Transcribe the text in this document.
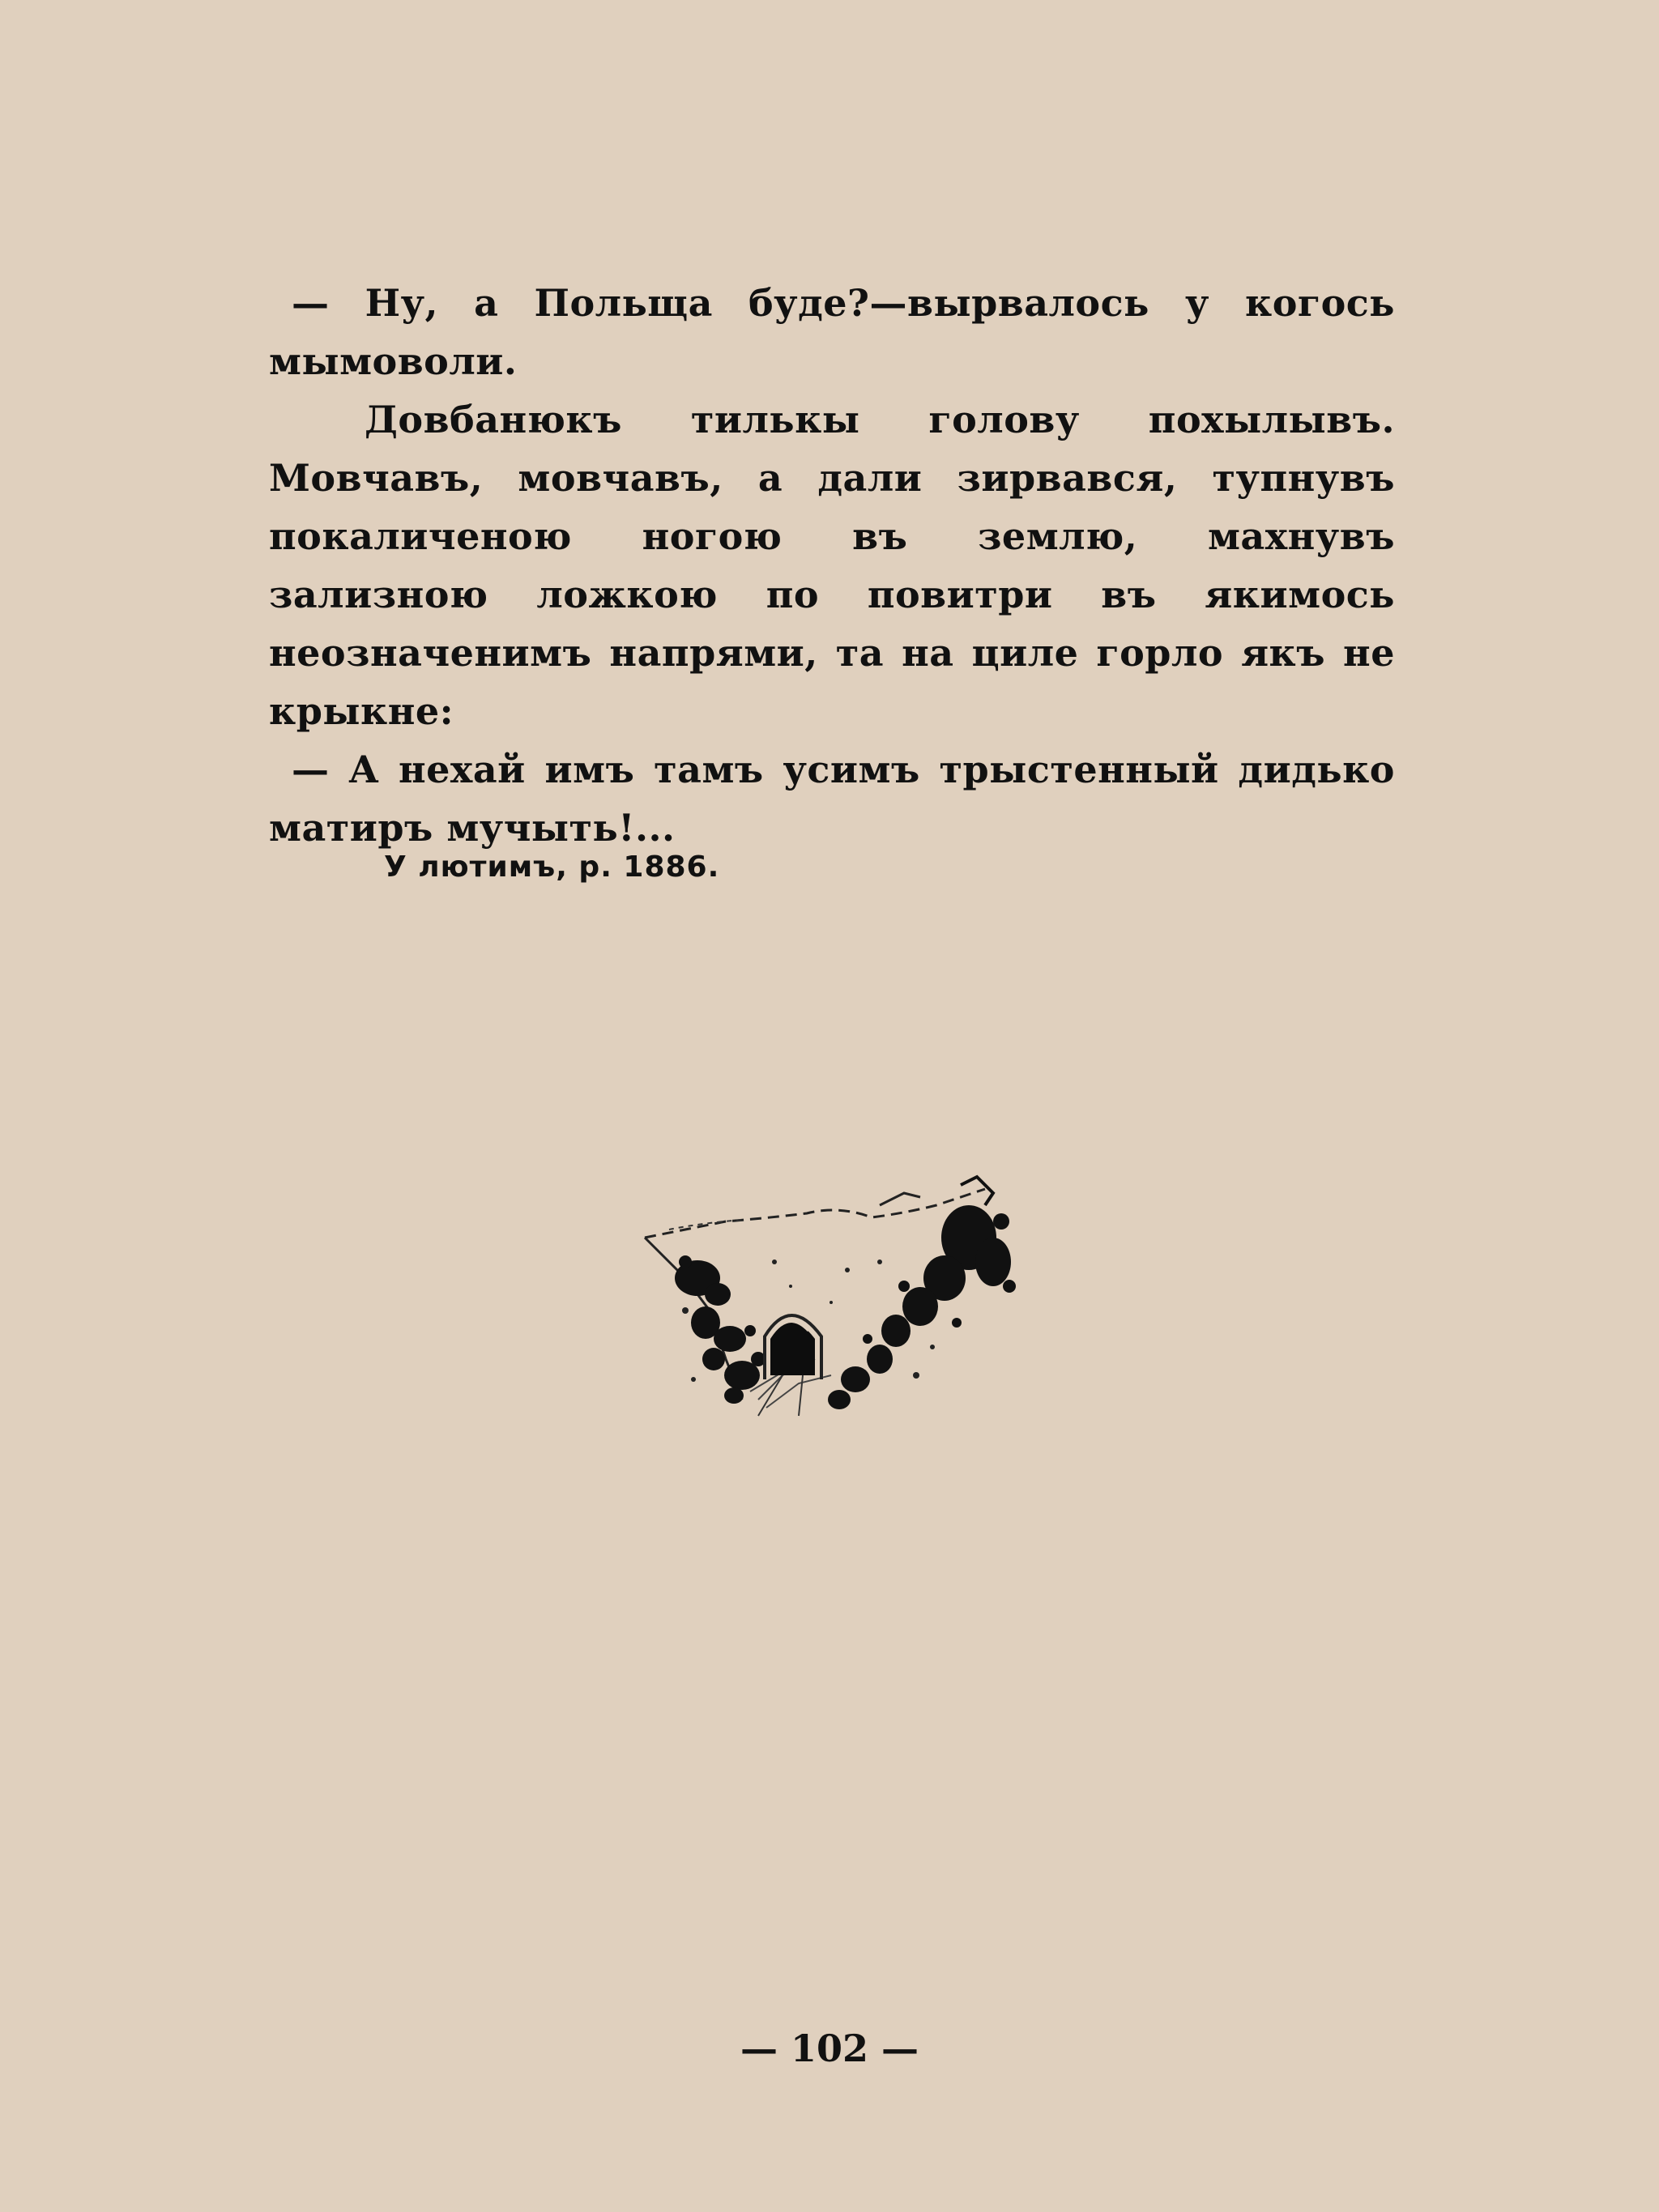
— Ну, а Польща буде?—вырвалось у когось мымоволи.

Довбанюкъ тилькы голову похылывъ. Мовчавъ, мовчавъ, а дали зирвався, тупнувъ покаличеною ногою въ землю, махнувъ зализною ложкою по повитри въ якимось неозначенимъ напрями, та на циле горло якъ не крыкне:

— А нехай имъ тамъ усимъ трыстенный дидько матиръ мучыть!...

У лютимъ, р. 1886.
— 102 —
